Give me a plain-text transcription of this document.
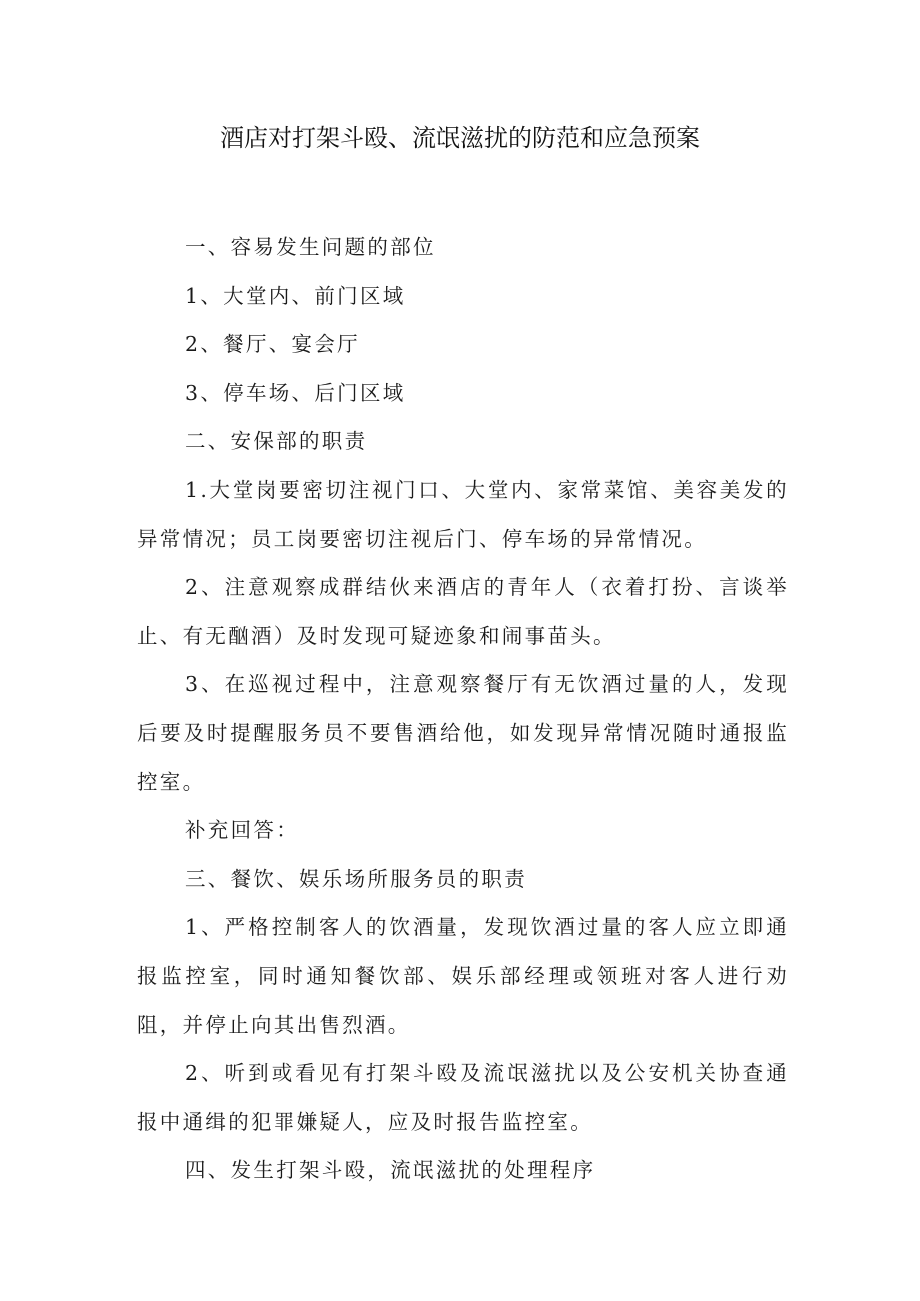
酒店对打架斗殴、流氓滋扰的防范和应急预案

一、容易发生问题的部位

1、大堂内、前门区域

2、餐厅、宴会厅

3、停车场、后门区域

二、安保部的职责

1.大堂岗要密切注视门口、大堂内、家常菜馆、美容美发的异常情况；员工岗要密切注视后门、停车场的异常情况。

2、注意观察成群结伙来酒店的青年人（衣着打扮、言谈举止、有无酗酒）及时发现可疑迹象和闹事苗头。

3、在巡视过程中，注意观察餐厅有无饮酒过量的人，发现后要及时提醒服务员不要售酒给他，如发现异常情况随时通报监控室。

补充回答：

三、餐饮、娱乐场所服务员的职责

1、严格控制客人的饮酒量，发现饮酒过量的客人应立即通报监控室，同时通知餐饮部、娱乐部经理或领班对客人进行劝阻，并停止向其出售烈酒。

2、听到或看见有打架斗殴及流氓滋扰以及公安机关协查通报中通缉的犯罪嫌疑人，应及时报告监控室。

四、发生打架斗殴，流氓滋扰的处理程序
